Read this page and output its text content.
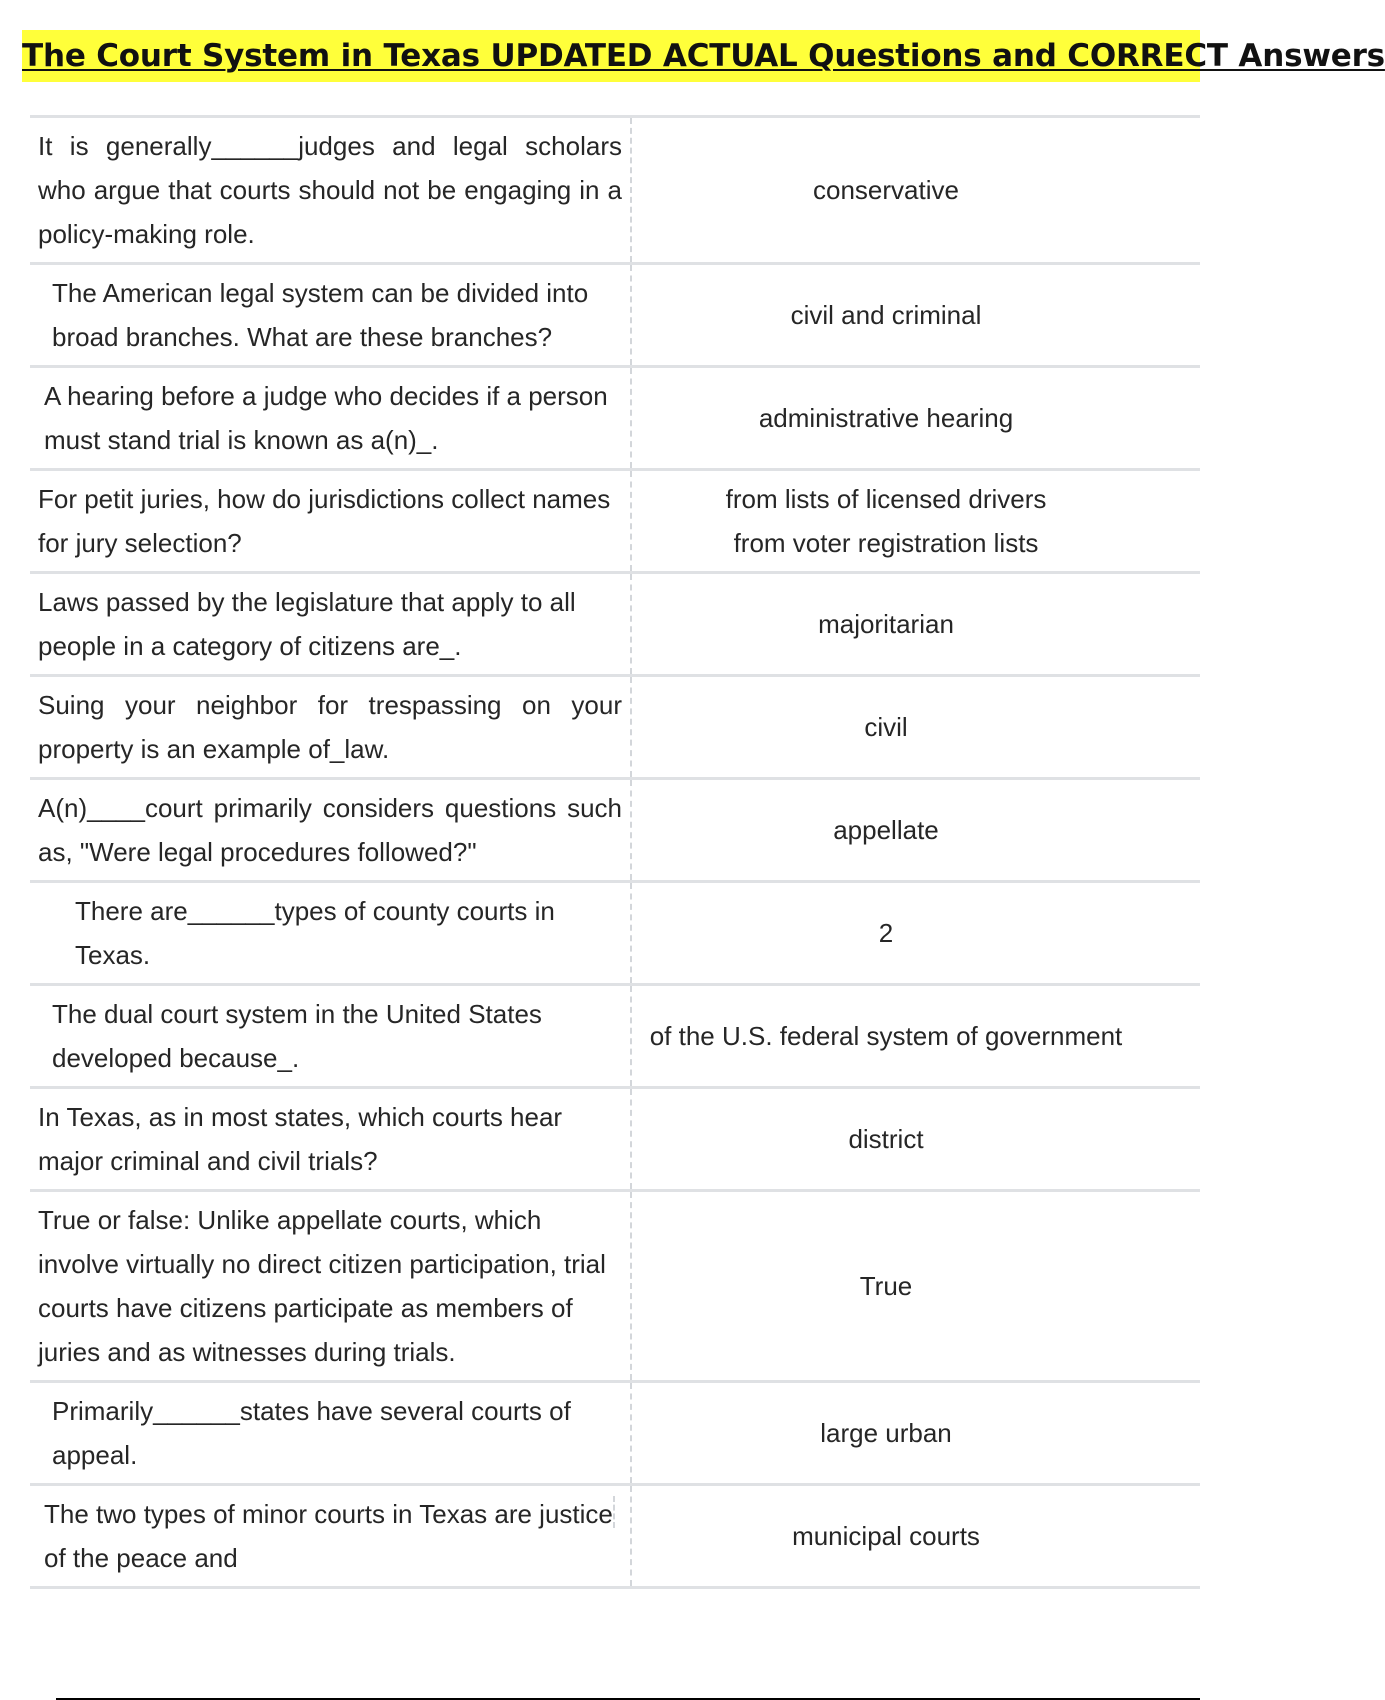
The Court System in Texas UPDATED ACTUAL Questions and CORRECT Answers
It is generally______judges and legal scholars who argue that courts should not be engaging in a policy-making role.	conservative

The American legal system can be divided into broad branches. What are these branches?	civil and criminal

A hearing before a judge who decides if a person must stand trial is known as a(n)_.	administrative hearing

For petit juries, how do jurisdictions collect names for jury selection?	from lists of licensed drivers
from voter registration lists

Laws passed by the legislature that apply to all people in a category of citizens are_.	majoritarian

Suing your neighbor for trespassing on your property is an example of_law.	civil

A(n)____court primarily considers questions such as, "Were legal procedures followed?"	appellate

There are______types of county courts in Texas.	2

The dual court system in the United States developed because_.	of the U.S. federal system of government

In Texas, as in most states, which courts hear major criminal and civil trials?	district

True or false: Unlike appellate courts, which involve virtually no direct citizen participation, trial courts have citizens participate as members of juries and as witnesses during trials.	True

Primarily______states have several courts of appeal.	large urban

The two types of minor courts in Texas are justice of the peace and	municipal courts
